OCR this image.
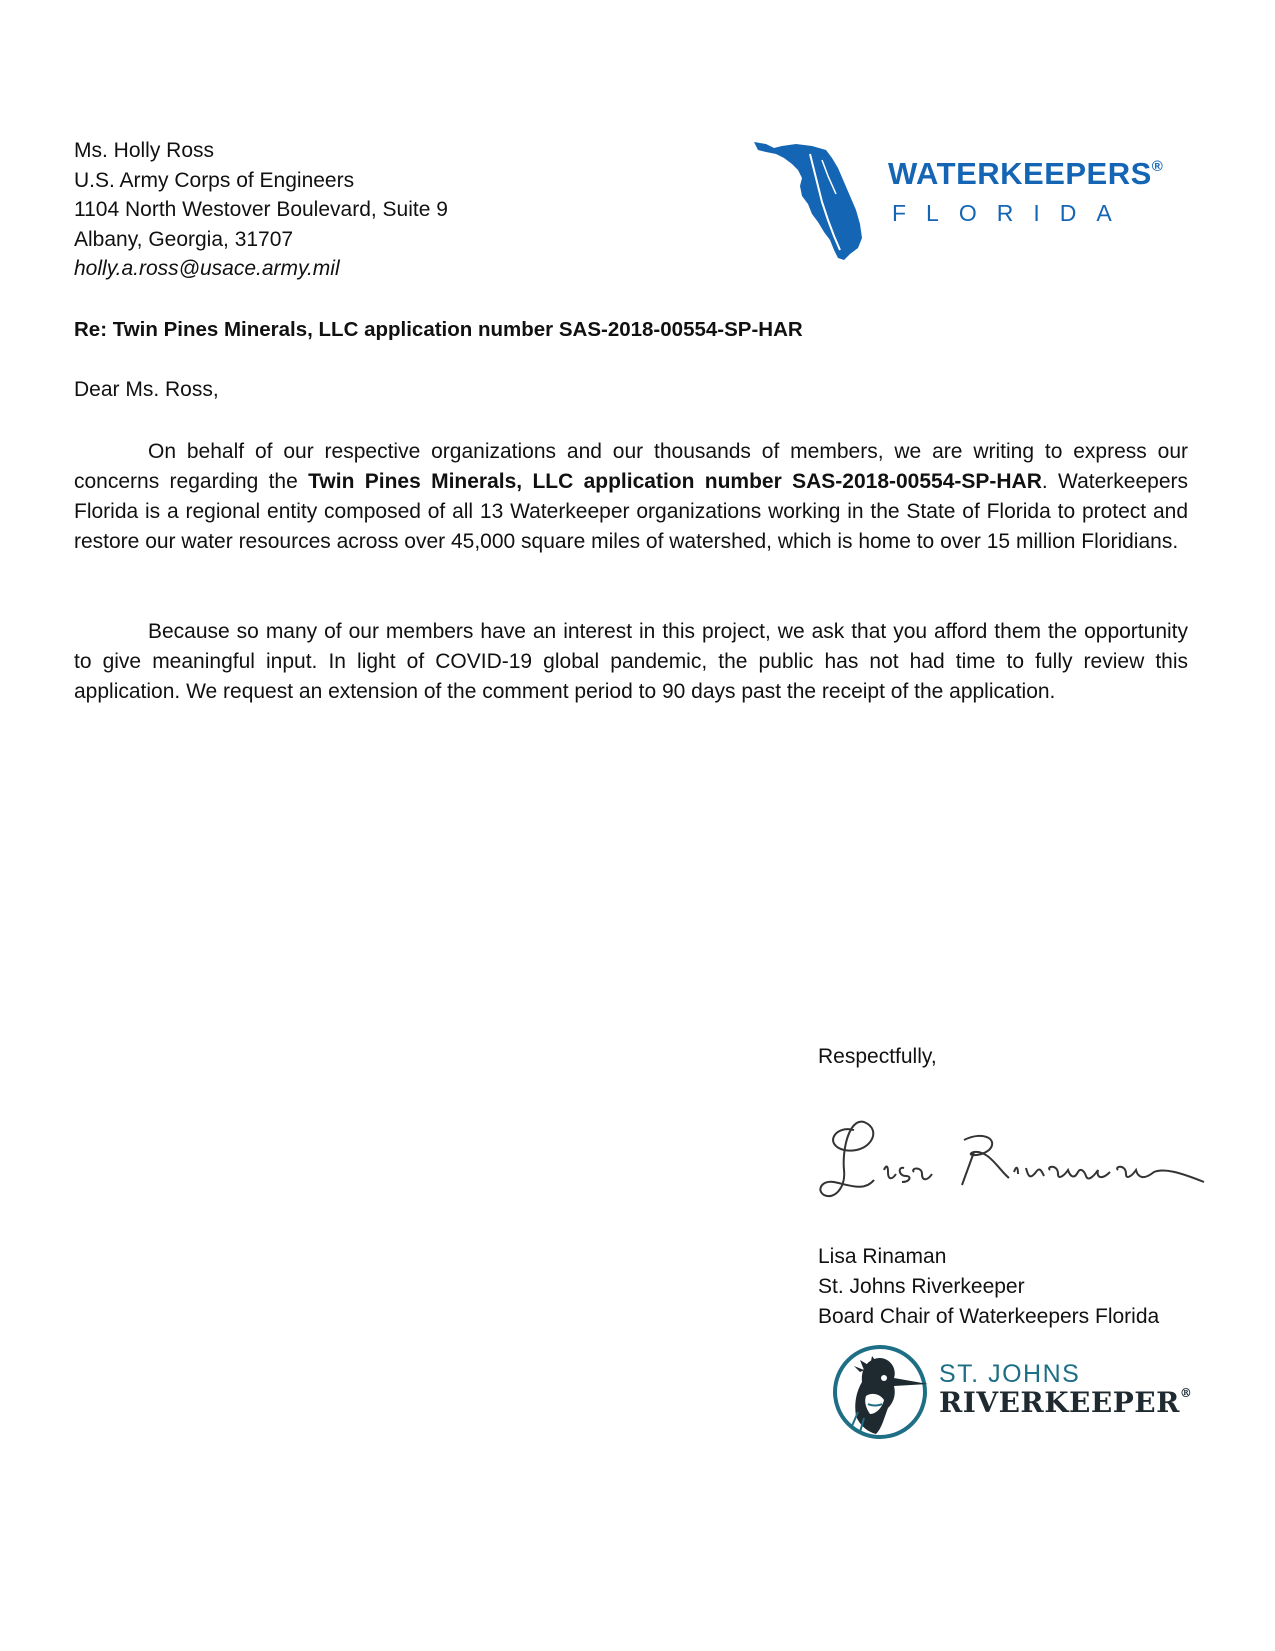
Ms. Holly Ross
U.S. Army Corps of Engineers
1104 North Westover Boulevard, Suite 9
Albany, Georgia, 31707
holly.a.ross@usace.army.mil
WATERKEEPERS®
FLORIDA
Re: Twin Pines Minerals, LLC application number SAS-2018-00554-SP-HAR
Dear Ms. Ross,
On behalf of our respective organizations and our thousands of members, we are writing to express our concerns regarding the Twin Pines Minerals, LLC application number SAS-2018-00554-SP-HAR. Waterkeepers Florida is a regional entity composed of all 13 Waterkeeper organizations working in the State of Florida to protect and restore our water resources across over 45,000 square miles of watershed, which is home to over 15 million Floridians.
Because so many of our members have an interest in this project, we ask that you afford them the opportunity to give meaningful input. In light of COVID-19 global pandemic, the public has not had time to fully review this application. We request an extension of the comment period to 90 days past the receipt of the application.
Respectfully,
Lisa Rinaman
St. Johns Riverkeeper
Board Chair of Waterkeepers Florida
ST. JOHNS
RIVERKEEPER®
